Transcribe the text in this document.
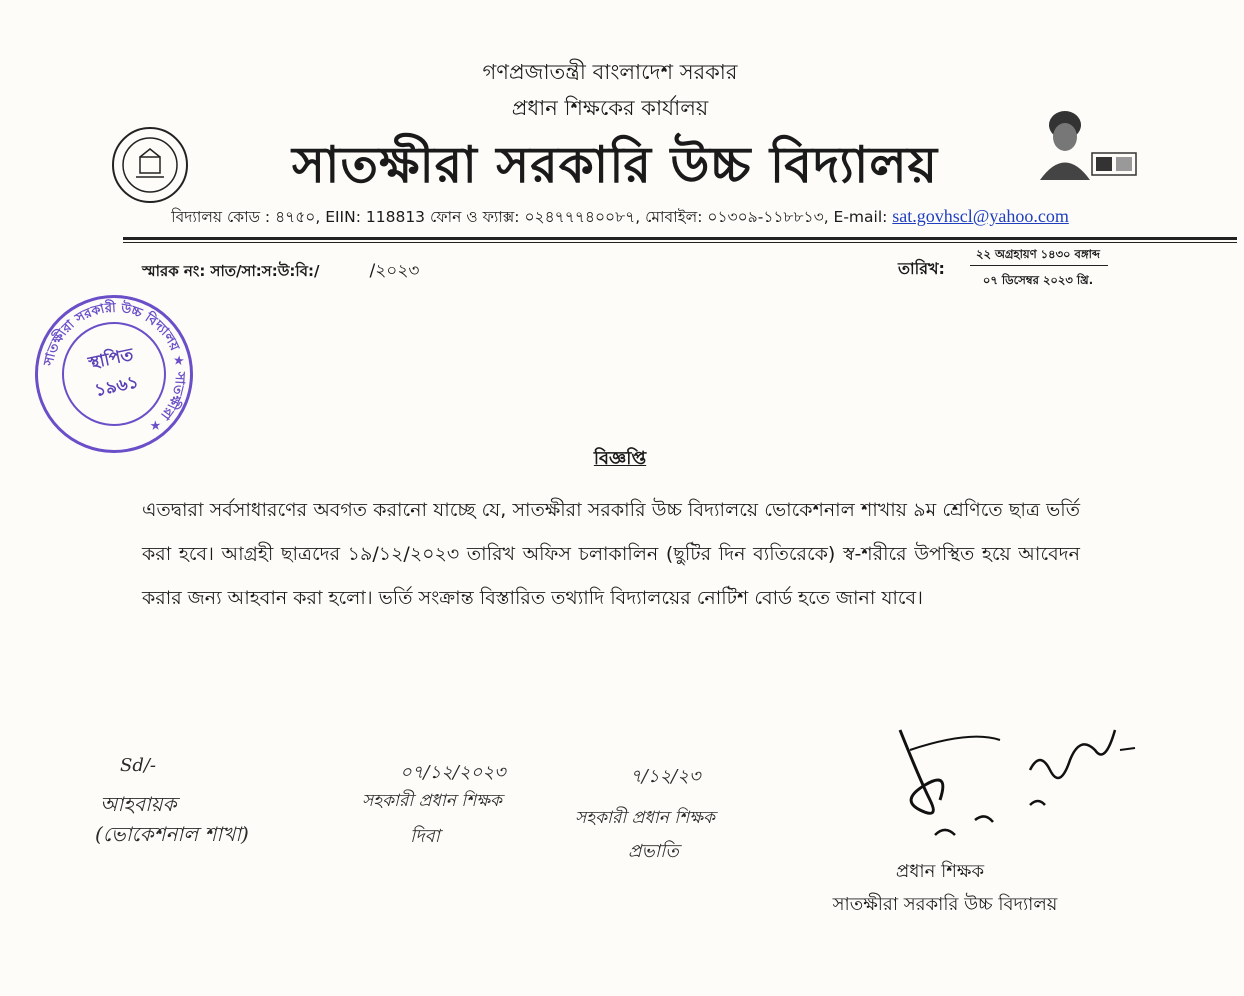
গণপ্রজাতন্ত্রী বাংলাদেশ সরকার
প্রধান শিক্ষকের কার্যালয়
সাতক্ষীরা সরকারি উচ্চ বিদ্যালয়
বিদ্যালয় কোড : ৪৭৫০, EIIN: 118813 ফোন ও ফ্যাক্স: ০২৪৭৭৭৪০০৮৭, মোবাইল: ০১৩০৯-১১৮৮১৩, E-mail: sat.govhscl@yahoo.com
স্মারক নং: সাত/সা:স:উ:বি:/	/২০২৩	তারিখ:
২২ অগ্রহায়ণ ১৪৩০ বঙ্গাব্দ
০৭ ডিসেম্বর ২০২৩ খ্রি.
সাতক্ষীরা সরকারী উচ্চ বিদ্যালয় ★ সাতক্ষীরা ★
স্থাপিত
১৯৬১
বিজ্ঞপ্তি
এতদ্বারা সর্বসাধারণের অবগত করানো যাচ্ছে যে, সাতক্ষীরা সরকারি উচ্চ বিদ্যালয়ে ভোকেশনাল শাখায় ৯ম শ্রেণিতে ছাত্র ভর্তি করা হবে। আগ্রহী ছাত্রদের ১৯/১২/২০২৩ তারিখ অফিস চলাকালিন (ছুটির দিন ব্যতিরেকে) স্ব-শরীরে উপস্থিত হয়ে আবেদন করার জন্য আহবান করা হলো। ভর্তি সংক্রান্ত বিস্তারিত তথ্যাদি বিদ্যালয়ের নোটিশ বোর্ড হতে জানা যাবে।
Sd/-
আহবায়ক
(ভোকেশনাল শাখা)
০৭/১২/২০২৩
সহকারী প্রধান শিক্ষক
দিবা
৭/১২/২৩
সহকারী প্রধান শিক্ষক
প্রভাতি
প্রধান শিক্ষক
সাতক্ষীরা সরকারি উচ্চ বিদ্যালয়
